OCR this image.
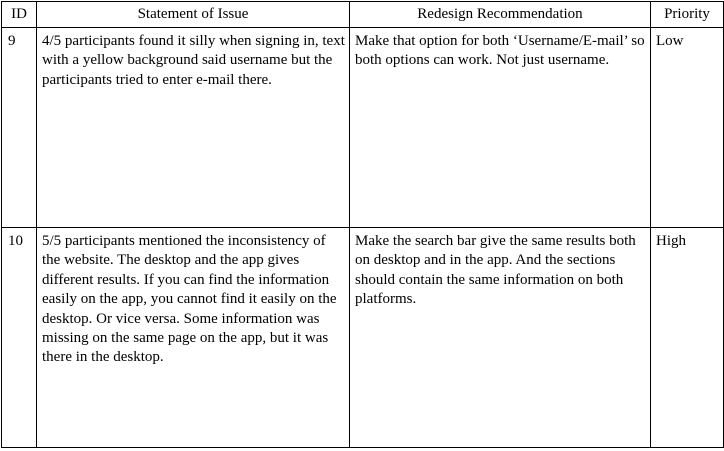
ID	Statement of Issue	Redesign Recommendation	Priority
9	4/5 participants found it silly when signing in, text with a yellow background said username but the participants tried to enter e-mail there.	Make that option for both ‘Username/E-mail’ so both options can work. Not just username.	Low
10	5/5 participants mentioned the inconsistency of the website. The desktop and the app gives different results. If you can find the information easily on the app, you cannot find it easily on the desktop. Or vice versa. Some information was missing on the same page on the app, but it was there in the desktop.	Make the search bar give the same results both on desktop and in the app. And the sections should contain the same information on both platforms.	High
